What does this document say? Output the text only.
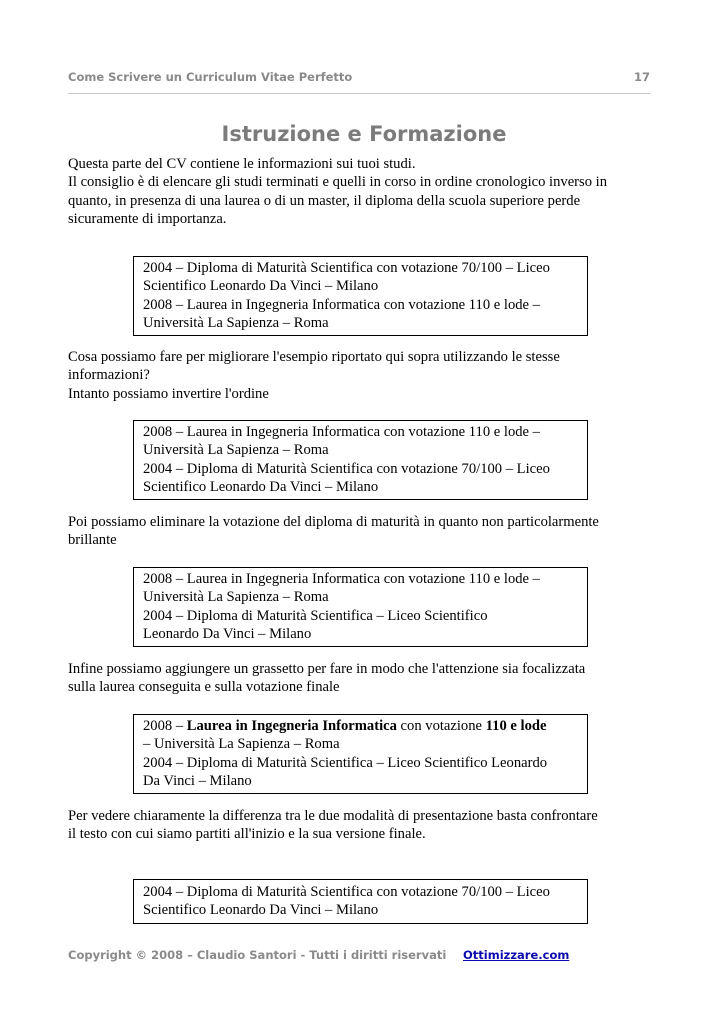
Come Scrivere un Curriculum Vitae Perfetto	17
Istruzione e Formazione
Questa parte del CV contiene le informazioni sui tuoi studi.
Il consiglio è di elencare gli studi terminati e quelli in corso in ordine cronologico inverso in
quanto, in presenza di una laurea o di un master, il diploma della scuola superiore perde
sicuramente di importanza.
2004 – Diploma di Maturità Scientifica con votazione 70/100 – Liceo
Scientifico Leonardo Da Vinci – Milano
2008 – Laurea in Ingegneria Informatica con votazione 110 e lode –
Università La Sapienza – Roma
Cosa possiamo fare per migliorare l'esempio riportato qui sopra utilizzando le stesse
informazioni?
Intanto possiamo invertire l'ordine
2008 – Laurea in Ingegneria Informatica con votazione 110 e lode –
Università La Sapienza – Roma
2004 – Diploma di Maturità Scientifica con votazione 70/100 – Liceo
Scientifico Leonardo Da Vinci – Milano
Poi possiamo eliminare la votazione del diploma di maturità in quanto non particolarmente
brillante
2008 – Laurea in Ingegneria Informatica con votazione 110 e lode –
Università La Sapienza – Roma
2004 – Diploma di Maturità Scientifica – Liceo Scientifico
Leonardo Da Vinci – Milano
Infine possiamo aggiungere un grassetto per fare in modo che l'attenzione sia focalizzata
sulla laurea conseguita e sulla votazione finale
2008 – Laurea in Ingegneria Informatica con votazione 110 e lode
– Università La Sapienza – Roma
2004 – Diploma di Maturità Scientifica – Liceo Scientifico Leonardo
Da Vinci – Milano
Per vedere chiaramente la differenza tra le due modalità di presentazione basta confrontare
il testo con cui siamo partiti all'inizio e la sua versione finale.
2004 – Diploma di Maturità Scientifica con votazione 70/100 – Liceo
Scientifico Leonardo Da Vinci – Milano
Copyright © 2008 – Claudio Santori - Tutti i diritti riservati Ottimizzare.com
